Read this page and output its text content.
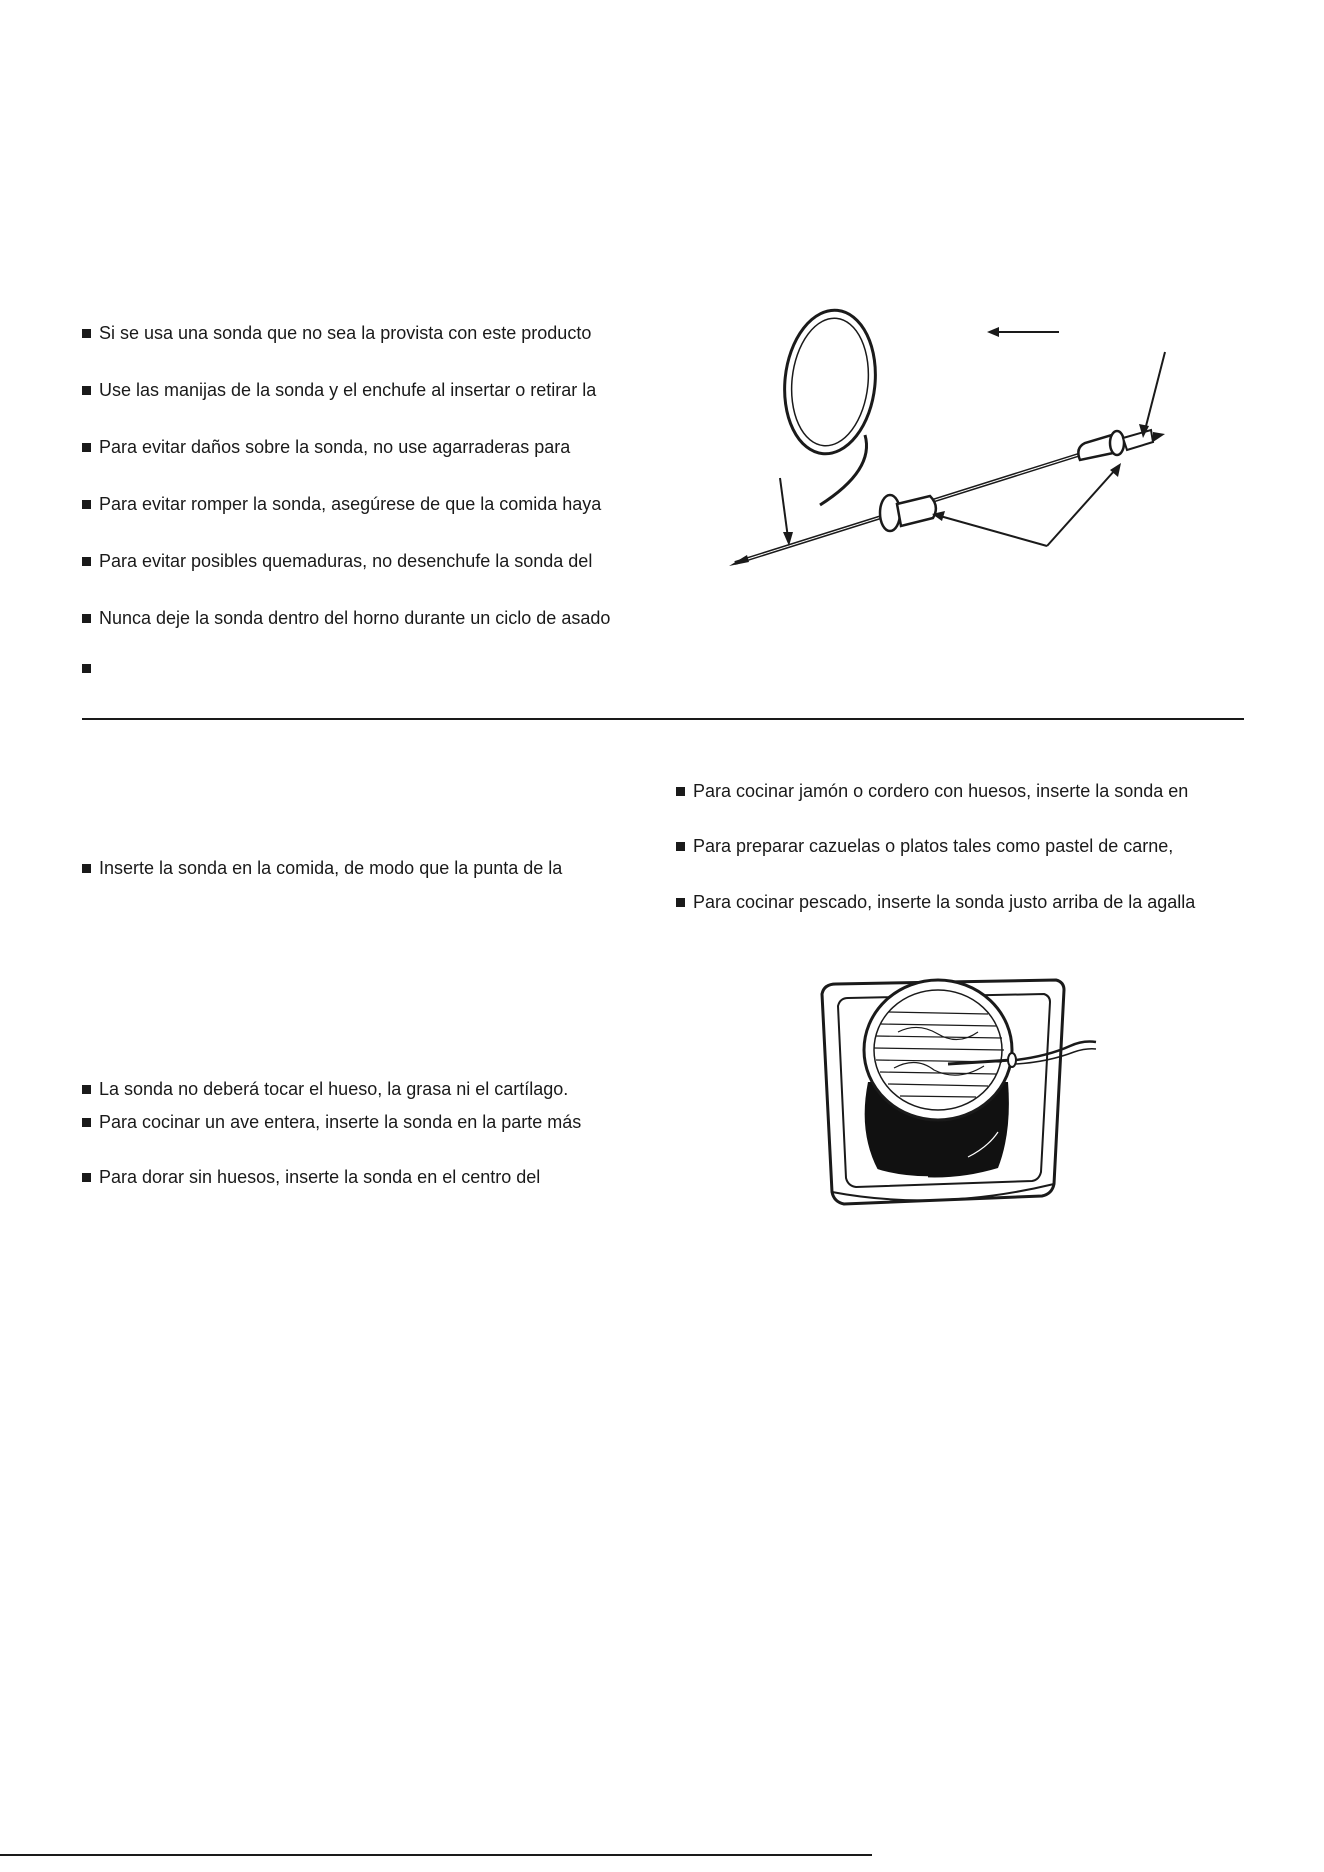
Si se usa una sonda que no sea la provista con este producto
Use las manijas de la sonda y el enchufe al insertar o retirar la
Para evitar daños sobre la sonda, no use agarraderas para
Para evitar romper la sonda, asegúrese de que la comida haya
Para evitar posibles quemaduras, no desenchufe la sonda del
Nunca deje la sonda dentro del horno durante un ciclo de asado
Inserte la sonda en la comida, de modo que la punta de la
La sonda no deberá tocar el hueso, la grasa ni el cartílago.
Para cocinar un ave entera, inserte la sonda en la parte más
Para dorar sin huesos, inserte la sonda en el centro del
Para cocinar jamón o cordero con huesos, inserte la sonda en
Para preparar cazuelas o platos tales como pastel de carne,
Para cocinar pescado, inserte la sonda justo arriba de la agalla
